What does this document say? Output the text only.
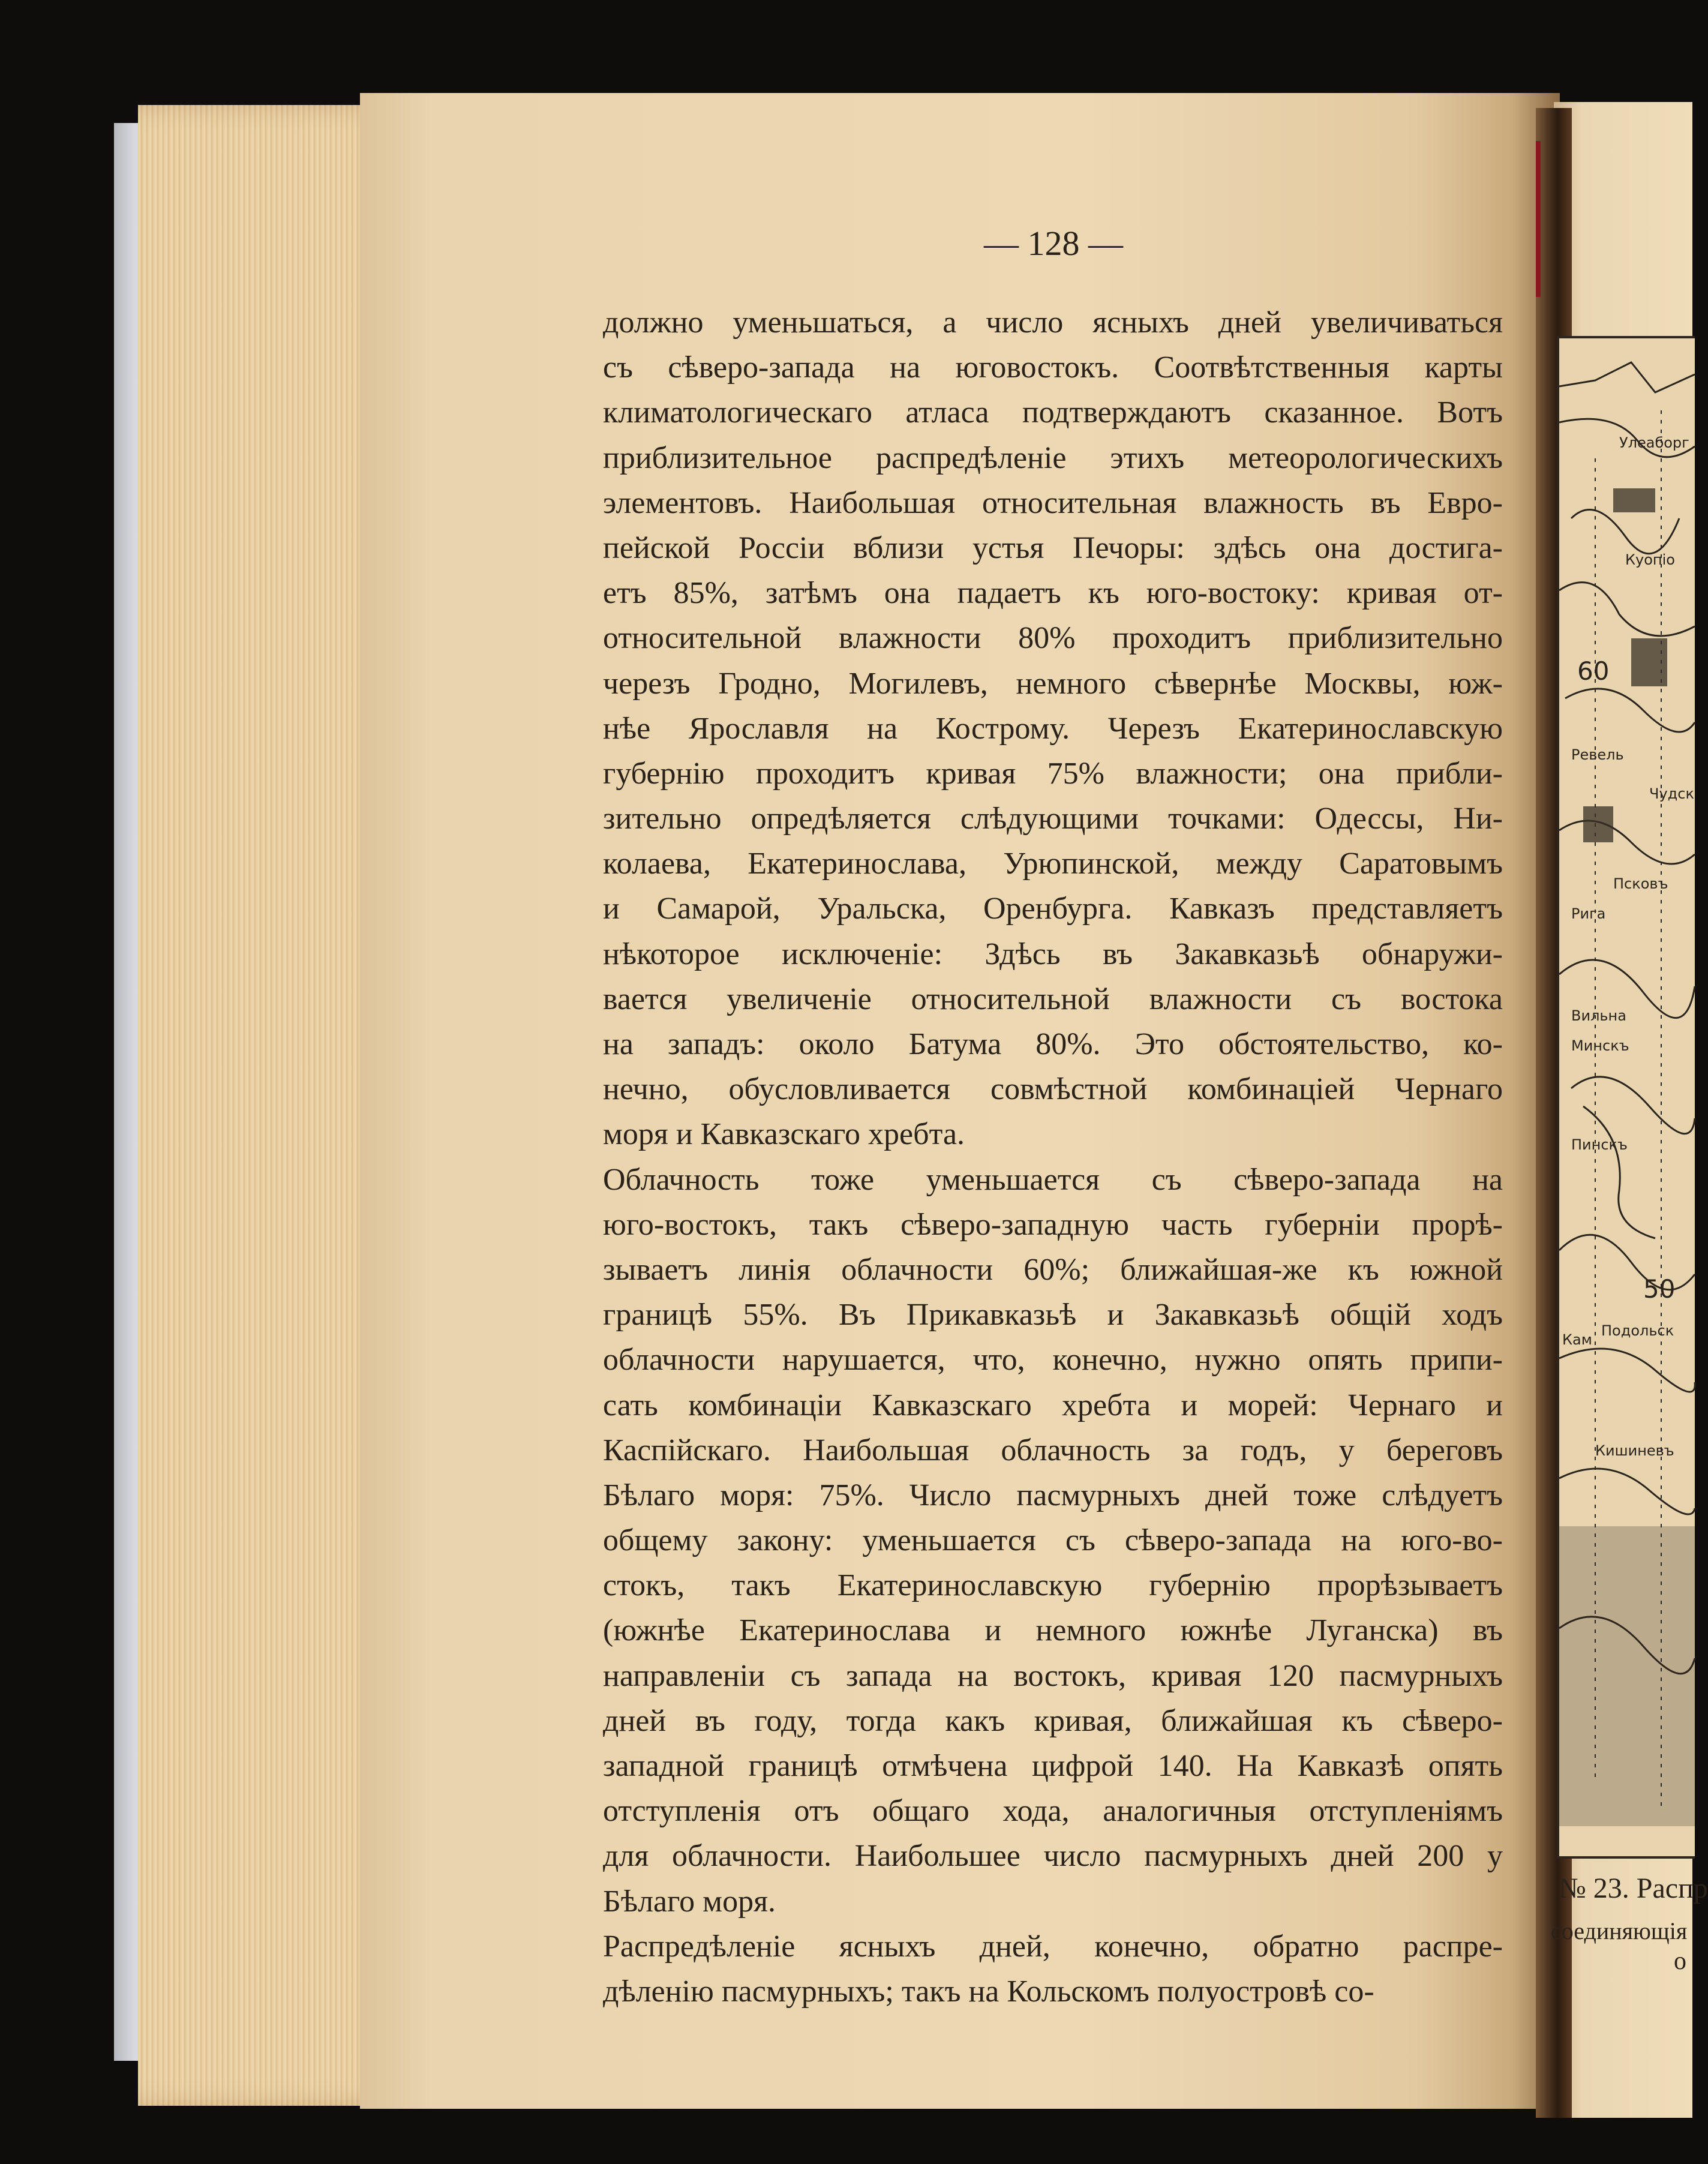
— 128 —
должно уменьшаться, а число ясныхъ дней увеличиваться
съ сѣверо-запада на юговостокъ. Соотвѣтственныя карты
климатологическаго атласа подтверждаютъ сказанное. Вотъ
приблизительное распредѣленіе этихъ метеорологическихъ
элементовъ. Наибольшая относительная влажность въ Евро-
пейской Россіи вблизи устья Печоры: здѣсь она достига-
етъ 85%, затѣмъ она падаетъ къ юго-востоку: кривая от-
относительной влажности 80% проходитъ приблизительно
черезъ Гродно, Могилевъ, немного сѣвернѣе Москвы, юж-
нѣе Ярославля на Кострому. Черезъ Екатеринославскую
губернію проходитъ кривая 75% влажности; она прибли-
зительно опредѣляется слѣдующими точками: Одессы, Ни-
колаева, Екатеринослава, Урюпинской, между Саратовымъ
и Самарой, Уральска, Оренбурга. Кавказъ представляетъ
нѣкоторое исключеніе: Здѣсь въ Закавказьѣ обнаружи-
вается увеличеніе относительной влажности съ востока
на западъ: около Батума 80%. Это обстоятельство, ко-
нечно, обусловливается совмѣстной комбинаціей Чернаго
моря и Кавказскаго хребта.
Облачность тоже уменьшается съ сѣверо-запада на
юго-востокъ, такъ сѣверо-западную часть губерніи прорѣ-
зываетъ линія облачности 60%; ближайшая-же къ южной
границѣ 55%. Въ Прикавказьѣ и Закавказьѣ общій ходъ
облачности нарушается, что, конечно, нужно опять припи-
сать комбинаціи Кавказскаго хребта и морей: Чернаго и
Каспійскаго. Наибольшая облачность за годъ, у береговъ
Бѣлаго моря: 75%. Число пасмурныхъ дней тоже слѣдуетъ
общему закону: уменьшается съ сѣверо-запада на юго-во-
стокъ, такъ Екатеринославскую губернію прорѣзываетъ
(южнѣе Екатеринослава и немного южнѣе Луганска) въ
направленіи съ запада на востокъ, кривая 120 пасмурныхъ
дней въ году, тогда какъ кривая, ближайшая къ сѣверо-
западной границѣ отмѣчена цифрой 140. На Кавказѣ опять
отступленія отъ общаго хода, аналогичныя отступленіямъ
для облачности. Наибольшее число пасмурныхъ дней 200 у
Бѣлаго моря.
Распредѣленіе ясныхъ дней, конечно, обратно распре-
дѣленію пасмурныхъ; такъ на Кольскомъ полуостровѣ со-
Улеаборг
Куопіо
Ревель
Чудск
Псковъ
Рига
Вильна
Минскъ
Пинскъ
Кам
Подольск
Кишиневъ
60
50
№ 23. Распр
соединяющія
о
